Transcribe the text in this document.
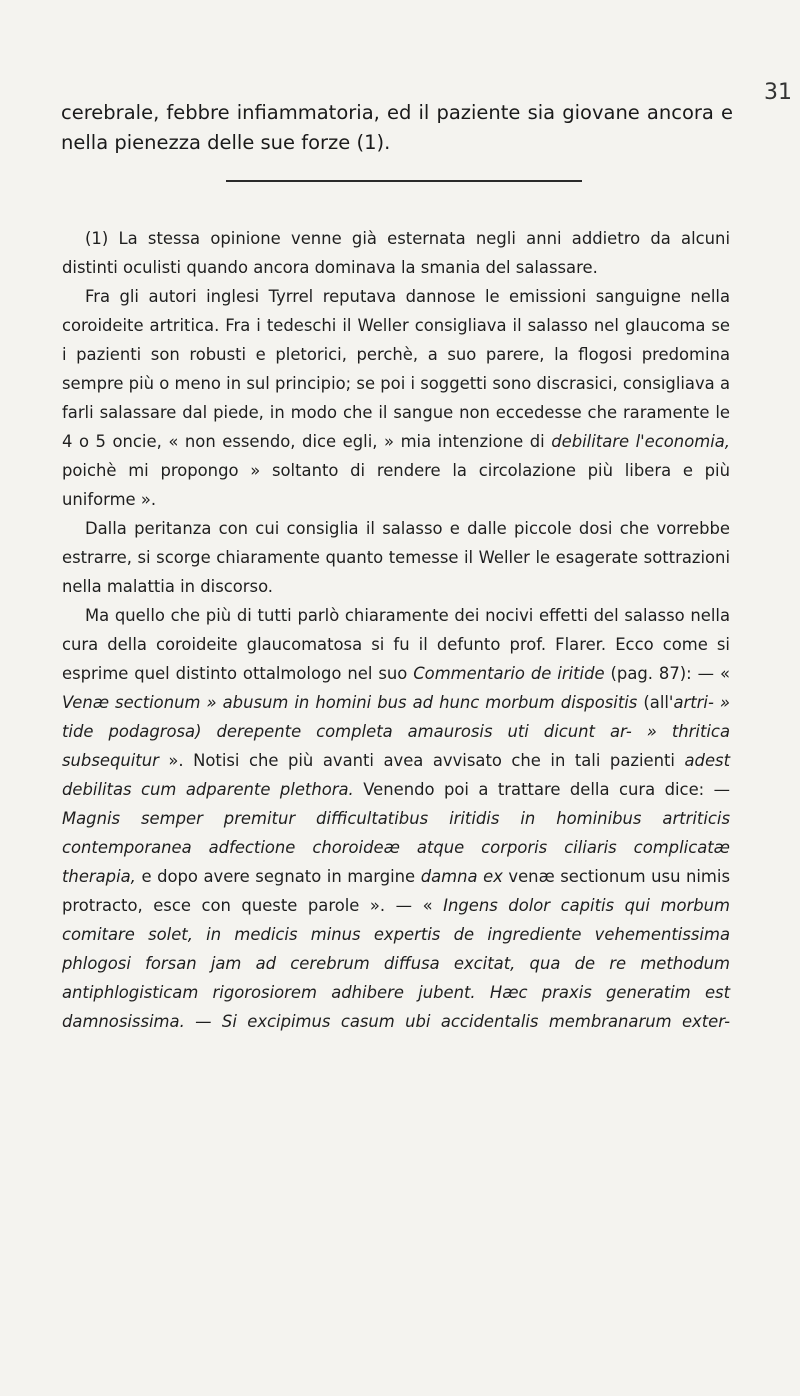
31

cerebrale, febbre infiammatoria, ed il paziente sia giovane ancora e nella pienezza delle sue forze (1).

(1) La stessa opinione venne già esternata negli anni addietro da alcuni distinti oculisti quando ancora dominava la smania del salassare.

Fra gli autori inglesi Tyrrel reputava dannose le emissioni sanguigne nella coroideite artritica. Fra i tedeschi il Weller consigliava il salasso nel glaucoma se i pazienti son robusti e pletorici, perchè, a suo parere, la flogosi predomina sempre più o meno in sul principio; se poi i soggetti sono discrasici, consigliava a farli salassare dal piede, in modo che il sangue non eccedesse che raramente le 4 o 5 oncie, « non essendo, dice egli, » mia intenzione di debilitare l'economia, poichè mi propongo » soltanto di rendere la circolazione più libera e più uniforme ».

Dalla peritanza con cui consiglia il salasso e dalle piccole dosi che vorrebbe estrarre, si scorge chiaramente quanto temesse il Weller le esagerate sottrazioni nella malattia in discorso.

Ma quello che più di tutti parlò chiaramente dei nocivi effetti del salasso nella cura della coroideite glaucomatosa si fu il defunto prof. Flarer. Ecco come si esprime quel distinto ottalmologo nel suo Commentario de iritide (pag. 87): — « Venæ sectionum » abusum in homini bus ad hunc morbum dispositis (all'artri- » tide podagrosa) derepente completa amaurosis uti dicunt ar- » thritica subsequitur ». Notisi che più avanti avea avvisato che in tali pazienti adest debilitas cum adparente plethora. Venendo poi a trattare della cura dice: — Magnis semper premitur difficultatibus iritidis in hominibus artriticis contemporanea adfectione choroideæ atque corporis ciliaris complicatæ therapia, e dopo avere segnato in margine damna ex venæ sectionum usu nimis protracto, esce con queste parole ». — « Ingens dolor capitis qui morbum comitare solet, in medicis minus expertis de ingrediente vehementissima phlogosi forsan jam ad cerebrum diffusa excitat, qua de re methodum antiphlogisticam rigorosiorem adhibere jubent. Hæc praxis generatim est damnosissima. — Si excipimus casum ubi accidentalis membranarum exter-
